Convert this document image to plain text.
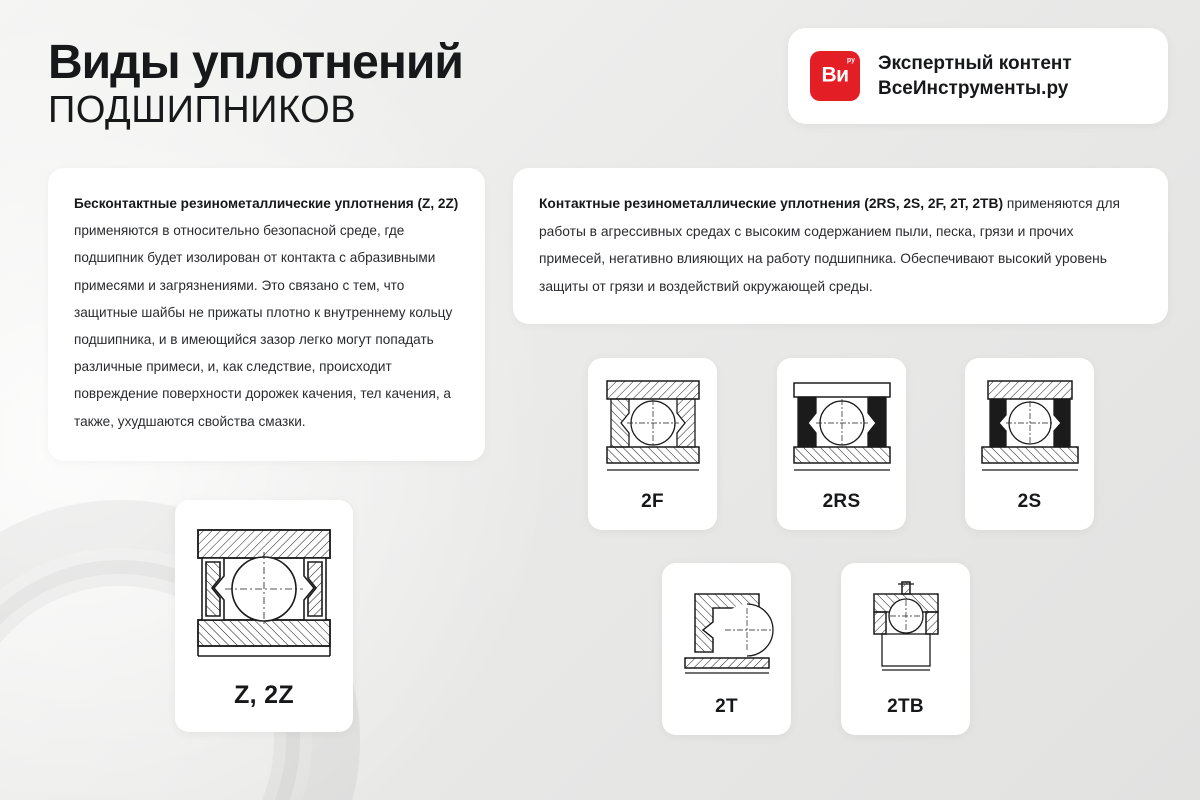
Виды уплотнений
ПОДШИПНИКОВ
ру
Ви
Экспертный контент
ВсеИнструменты.ру

Бесконтактные резинометаллические уплотнения (Z, 2Z) применяются в относительно безопасной среде, где подшипник будет изолирован от контакта с абразивными примесями и загрязнениями. Это связано с тем, что защитные шайбы не прижаты плотно к внутреннему кольцу подшипника, и в имеющийся зазор легко могут попадать различные примеси, и, как следствие, происходит повреждение поверхности дорожек качения, тел качения, а также, ухудшаются свойства смазки.

Контактные резинометаллические уплотнения (2RS, 2S, 2F, 2T, 2TB) применяются для работы в агрессивных средах с высоким содержанием пыли, песка, грязи и прочих примесей, негативно влияющих на работу подшипника. Обеспечивают высокий уровень защиты от грязи и воздействий окружающей среды.

Z, 2Z
2F	2RS	2S
2T	2TB
